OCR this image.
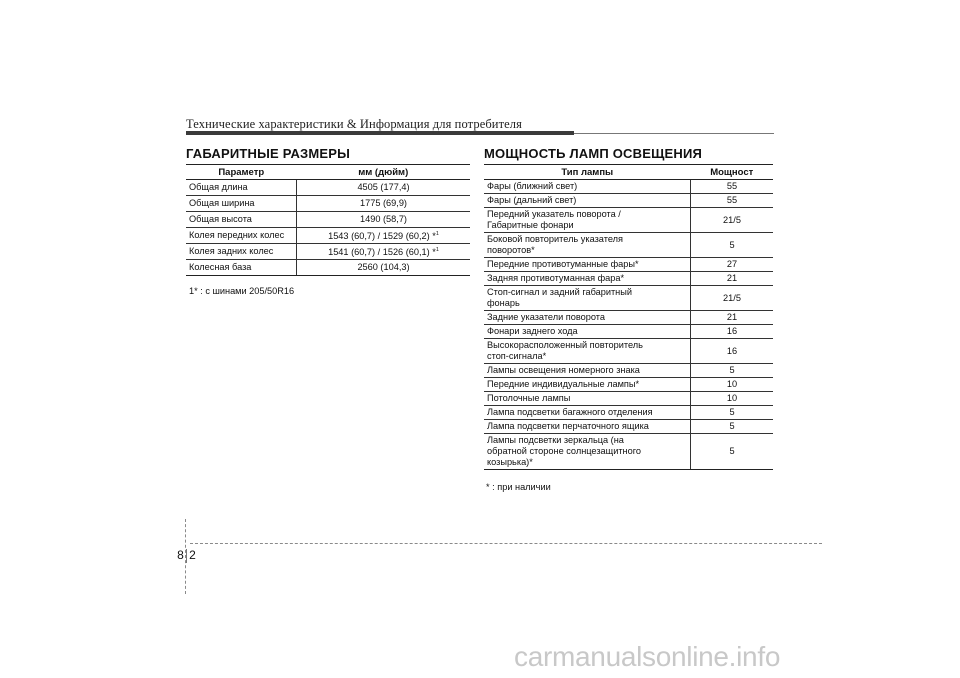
Технические характеристики & Информация для потребителя
ГАБАРИТНЫЕ РАЗМЕРЫ
Параметр	мм (дюйм)
Общая длина	4505 (177,4)
Общая ширина	1775 (69,9)
Общая высота	1490 (58,7)
Колея передних колес	1543 (60,7) / 1529 (60,2) *$^1$
Колея задних колес	1541 (60,7) / 1526 (60,1) *$^1$
Колесная база	2560 (104,3)
1* : с шинами 205/50R16
МОЩНОСТЬ ЛАМП ОСВЕЩЕНИЯ
Тип лампы	Мощност

Фары (ближний свет)	55

Фары (дальний свет)	55

Передний указатель поворота /
Габаритные фонари	21/5

Боковой повторитель указателя
поворотов*	5

Передние противотуманные фары*	27

Задняя противотуманная фара*	21

Стоп-сигнал и задний габаритный
фонарь	21/5

Задние указатели поворота	21

Фонари заднего хода	16

Высокорасположенный повторитель
стоп-сигнала*	16

Лампы освещения номерного знака	5

Передние индивидуальные лампы*	10

Потолочные лампы	10

Лампа подсветки багажного отделения	5

Лампа подсветки перчаточного ящика	5

Лампы подсветки зеркальца (на
обратной стороне солнцезащитного
козырька)*	5
* : при наличии
8 2
carmanualsonline.info
